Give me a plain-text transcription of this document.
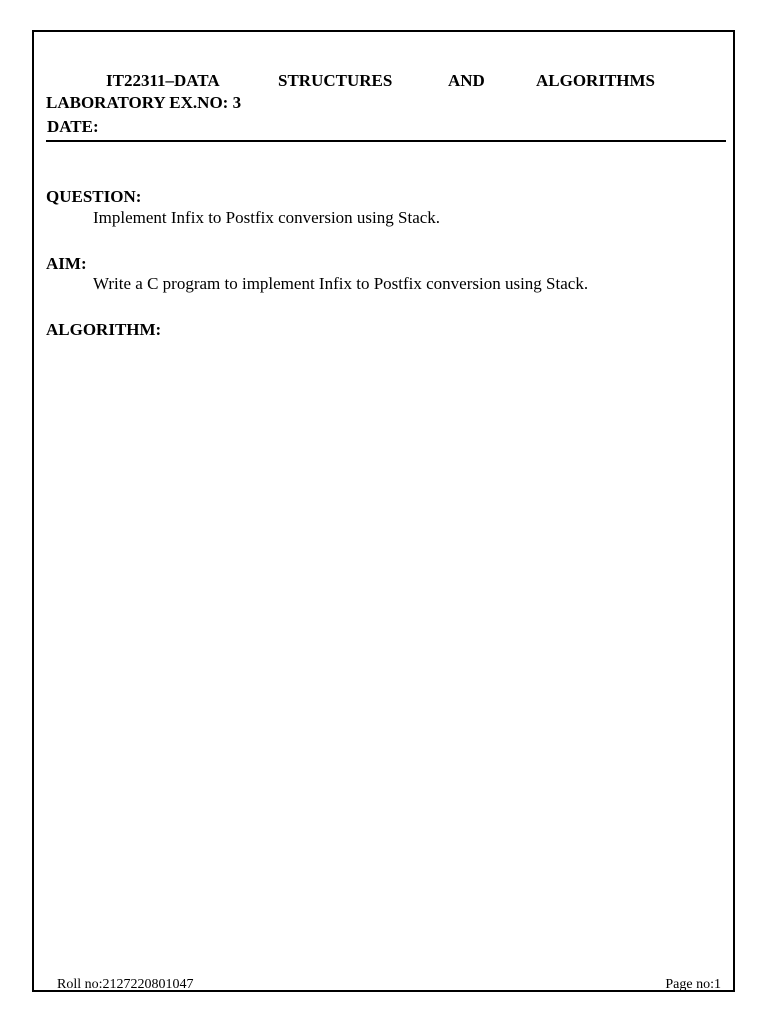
IT22311–DATA	STRUCTURES	AND	ALGORITHMS
LABORATORY EX.NO: 3
DATE:
QUESTION:
Implement Infix to Postfix conversion using Stack.
AIM:
Write a C program to implement Infix to Postfix conversion using Stack.
ALGORITHM:
Roll no:2127220801047	Page no:1
